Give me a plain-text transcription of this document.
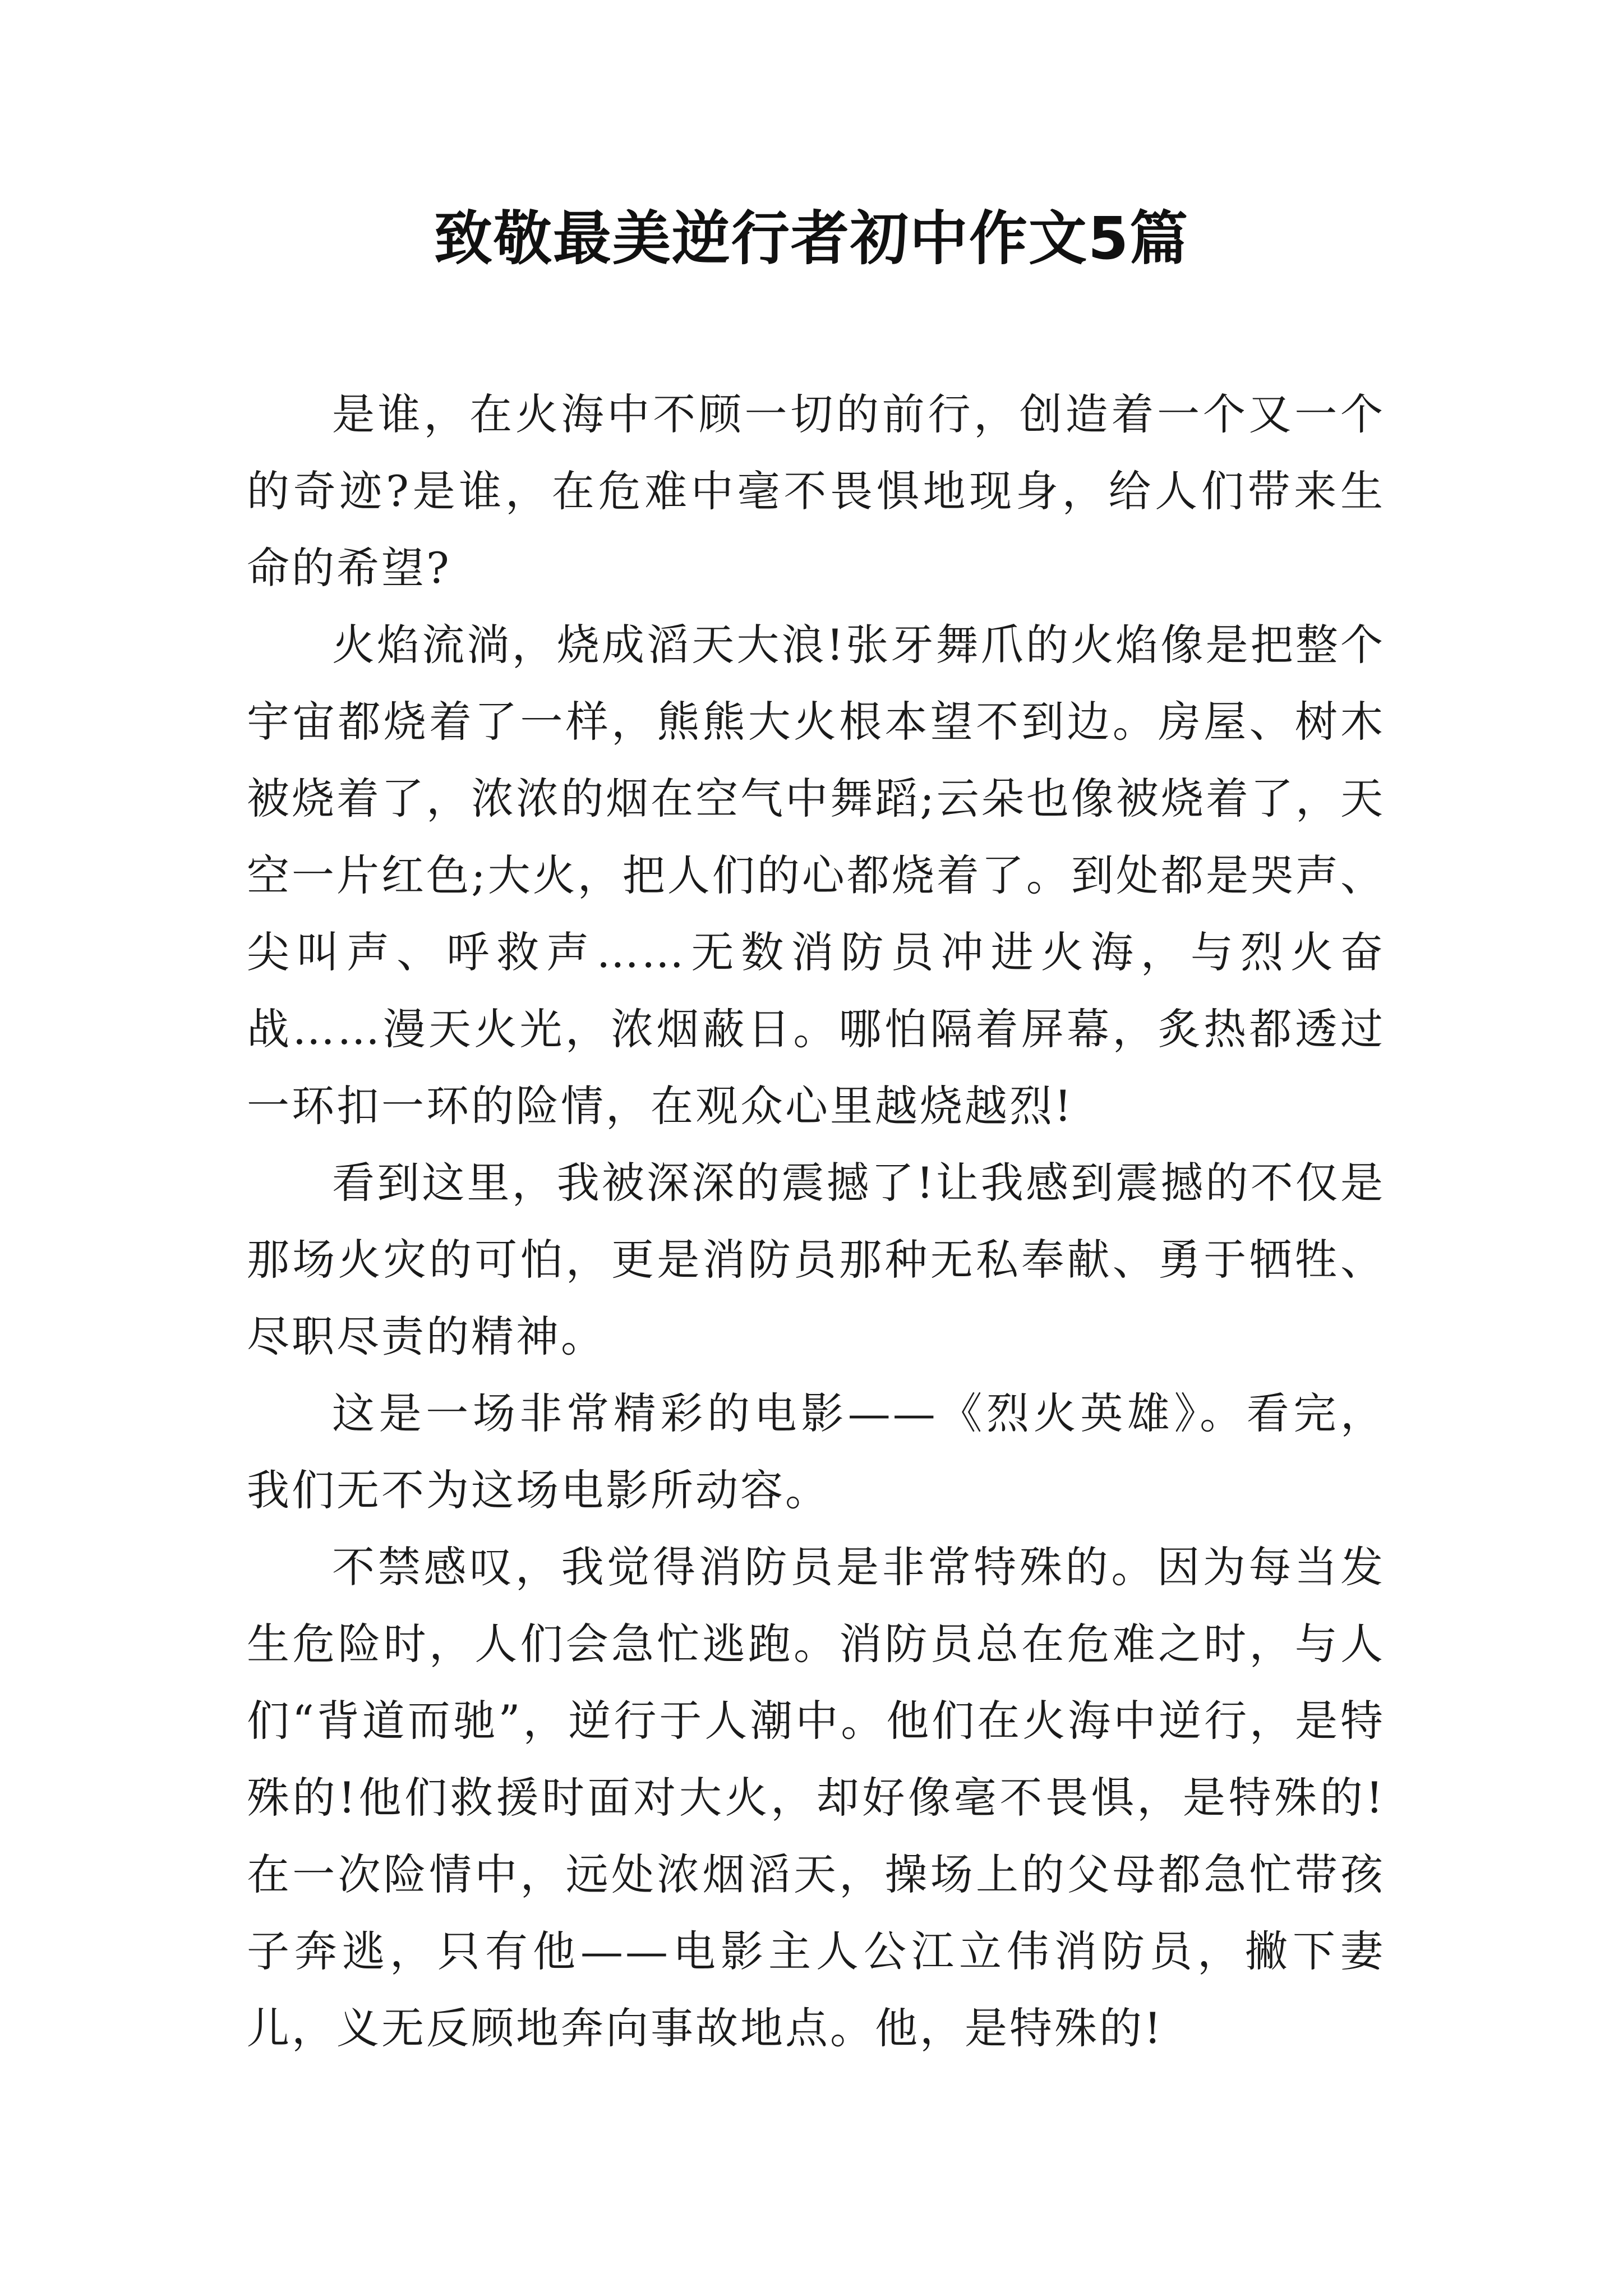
致敬最美逆行者初中作文5篇

是谁，在火海中不顾一切的前行，创造着一个又一个的奇迹?是谁，在危难中毫不畏惧地现身，给人们带来生命的希望?

火焰流淌，烧成滔天大浪!张牙舞爪的火焰像是把整个宇宙都烧着了一样，熊熊大火根本望不到边。房屋、树木被烧着了，浓浓的烟在空气中舞蹈;云朵也像被烧着了，天空一片红色;大火，把人们的心都烧着了。到处都是哭声、尖叫声、呼救声……无数消防员冲进火海，与烈火奋战……漫天火光，浓烟蔽日。哪怕隔着屏幕，炙热都透过一环扣一环的险情，在观众心里越烧越烈!

看到这里，我被深深的震撼了!让我感到震撼的不仅是那场火灾的可怕，更是消防员那种无私奉献、勇于牺牲、尽职尽责的精神。

这是一场非常精彩的电影——《烈火英雄》。看完，我们无不为这场电影所动容。

不禁感叹，我觉得消防员是非常特殊的。因为每当发生危险时，人们会急忙逃跑。消防员总在危难之时，与人们“背道而驰”，逆行于人潮中。他们在火海中逆行，是特殊的!他们救援时面对大火，却好像毫不畏惧，是特殊的!在一次险情中，远处浓烟滔天，操场上的父母都急忙带孩子奔逃，只有他——电影主人公江立伟消防员，撇下妻儿，义无反顾地奔向事故地点。他，是特殊的!
